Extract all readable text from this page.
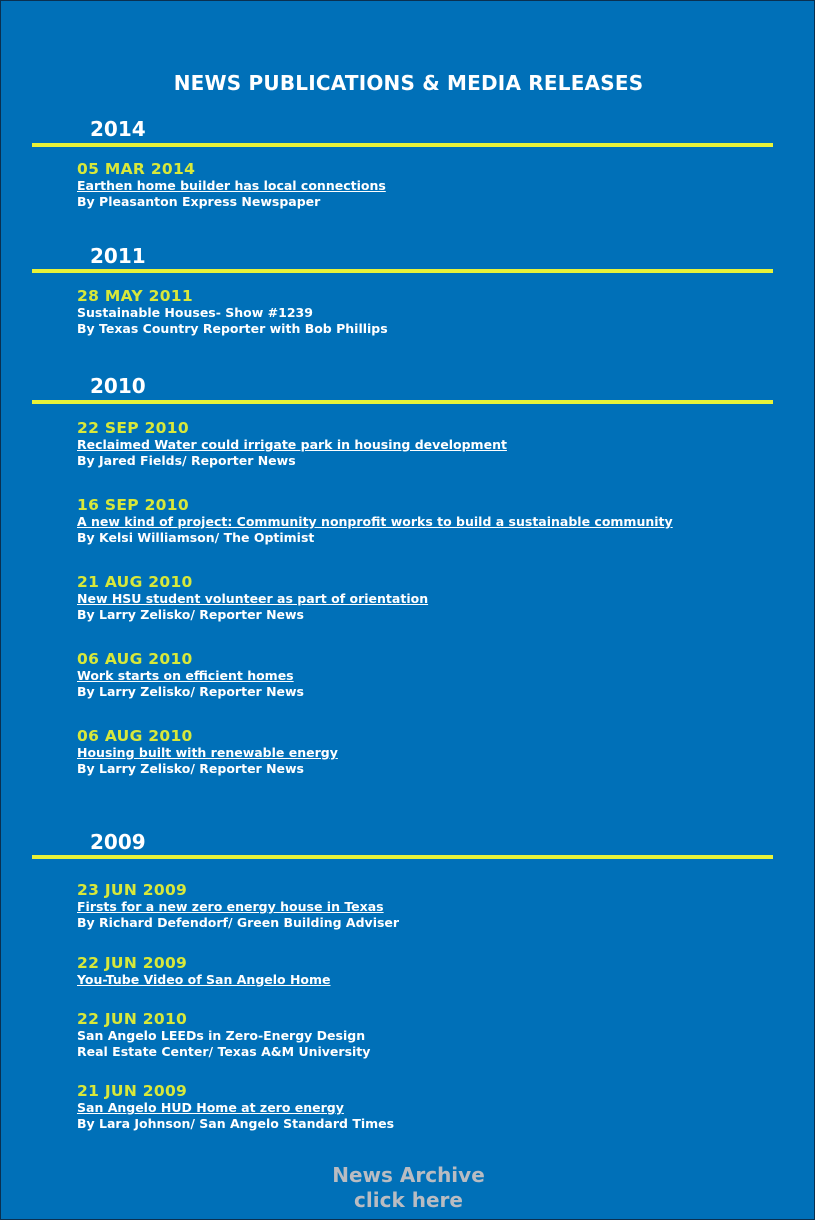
NEWS PUBLICATIONS & MEDIA RELEASES
2014
05 MAR 2014
Earthen home builder has local connections
By Pleasanton Express Newspaper
2011
28 MAY 2011
Sustainable Houses- Show #1239
By Texas Country Reporter with Bob Phillips
2010
22 SEP 2010
Reclaimed Water could irrigate park in housing development
By Jared Fields/ Reporter News
16 SEP 2010
A new kind of project: Community nonprofit works to build a sustainable community
By Kelsi Williamson/ The Optimist
21 AUG 2010
New HSU student volunteer as part of orientation
By Larry Zelisko/ Reporter News
06 AUG 2010
Work starts on efficient homes
By Larry Zelisko/ Reporter News
06 AUG 2010
Housing built with renewable energy
By Larry Zelisko/ Reporter News
2009
23 JUN 2009
Firsts for a new zero energy house in Texas
By Richard Defendorf/ Green Building Adviser
22 JUN 2009
You-Tube Video of San Angelo Home
22 JUN 2010
San Angelo LEEDs in Zero-Energy Design
Real Estate Center/ Texas A&M University
21 JUN 2009
San Angelo HUD Home at zero energy
By Lara Johnson/ San Angelo Standard Times
News Archive
click here
